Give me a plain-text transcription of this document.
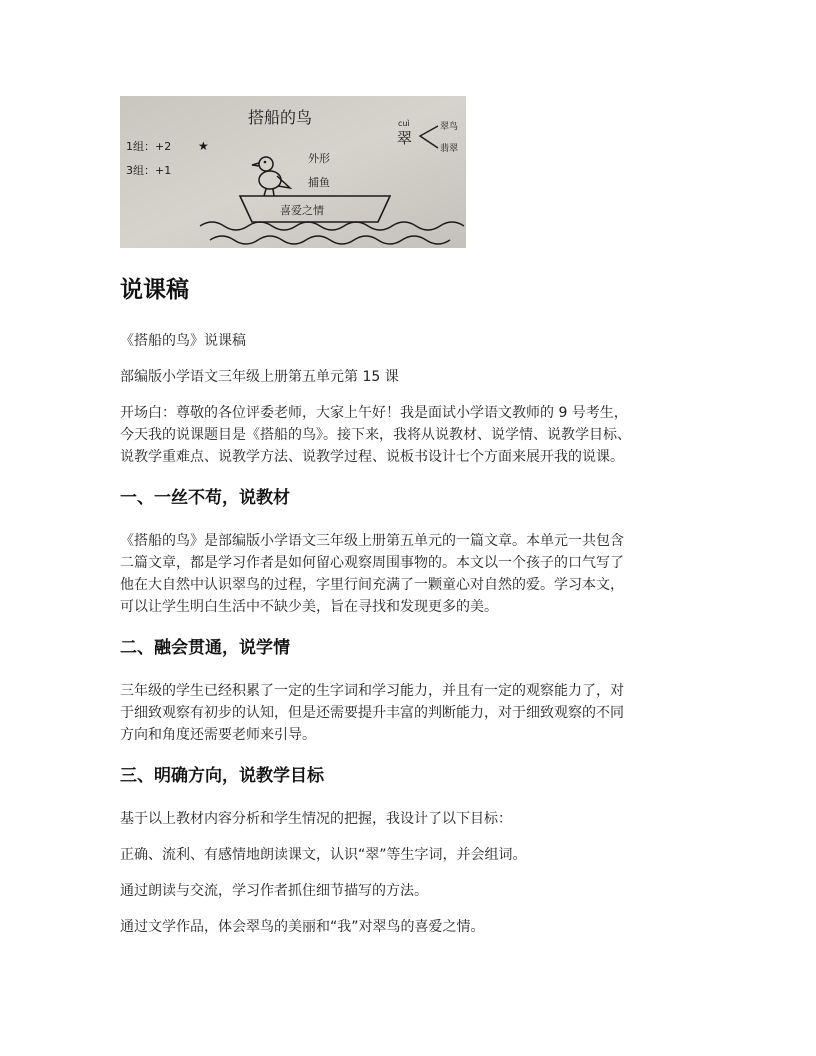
搭船的鸟
1组：+2 ★
3组：+1
外形
捕鱼
cuì
翠
翠鸟
翡翠
喜爱之情
说课稿

《搭船的鸟》说课稿

部编版小学语文三年级上册第五单元第 15 课

开场白：尊敬的各位评委老师，大家上午好！我是面试小学语文教师的 9 号考生，

今天我的说课题目是《搭船的鸟》。接下来，我将从说教材、说学情、说教学目标、

说教学重难点、说教学方法、说教学过程、说板书设计七个方面来展开我的说课。

一、一丝不苟，说教材

《搭船的鸟》是部编版小学语文三年级上册第五单元的一篇文章。本单元一共包含

二篇文章，都是学习作者是如何留心观察周围事物的。本文以一个孩子的口气写了

他在大自然中认识翠鸟的过程，字里行间充满了一颗童心对自然的爱。学习本文，

可以让学生明白生活中不缺少美，旨在寻找和发现更多的美。

二、融会贯通，说学情

三年级的学生已经积累了一定的生字词和学习能力，并且有一定的观察能力了，对

于细致观察有初步的认知，但是还需要提升丰富的判断能力，对于细致观察的不同

方向和角度还需要老师来引导。

三、明确方向，说教学目标

基于以上教材内容分析和学生情况的把握，我设计了以下目标：

正确、流利、有感情地朗读课文，认识“翠”等生字词，并会组词。

通过朗读与交流，学习作者抓住细节描写的方法。

通过文学作品，体会翠鸟的美丽和“我”对翠鸟的喜爱之情。
